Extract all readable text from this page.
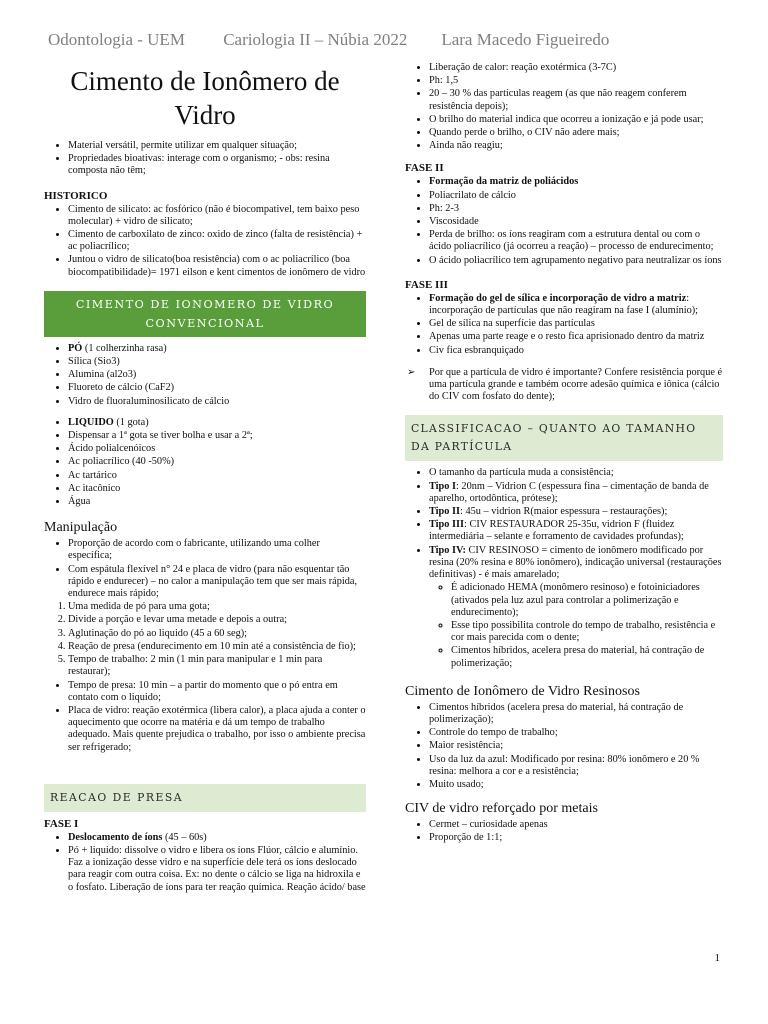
Odontologia - UEM Cariologia II – Núbia 2022 Lara Macedo Figueiredo
Cimento de Ionômero de
Vidro
• Material versátil, permite utilizar em qualquer situação;
• Propriedades bioativas: interage com o organismo; - obs: resina composta não têm;
HISTORICO
• Cimento de silicato: ac fosfórico (não é biocompativel, tem baixo peso molecular) + vidro de silicato;
• Cimento de carboxilato de zinco: oxido de zinco (falta de resistência) + ac poliacrílico;
• Juntou o vidro de silicato(boa resistência) com o ac poliacrílico (boa biocompatibilidade)= 1971 eilson e kent cimentos de ionômero de vidro
CIMENTO DE IONOMERO DE VIDRO CONVENCIONAL
• PÓ (1 colherzinha rasa)
• Sílica (Sio3)
• Alumina (al2o3)
• Fluoreto de cálcio (CaF2)
• Vidro de fluoraluminosilicato de cálcio
• LIQUIDO (1 gota)
• Dispensar a 1ª gota se tiver bolha e usar a 2ª;
• Ácido polialcenóicos
• Ac poliacrílico (40 -50%)
• Ac tartárico
• Ac itacônico
• Água
Manipulação
• Proporção de acordo com o fabricante, utilizando uma colher específica;
• Com espátula flexível n° 24 e placa de vidro (para não esquentar tão rápido e endurecer) – no calor a manipulação tem que ser mais rápida, endurece mais rápido;
1. Uma medida de pó para uma gota;
2. Divide a porção e levar uma metade e depois a outra;
3. Aglutinação do pó ao liquido (45 a 60 seg);
4. Reação de presa (endurecimento em 10 min até a consistência de fio);
5. Tempo de trabalho: 2 min (1 min para manipular e 1 min para restaurar);
• Tempo de presa: 10 min – a partir do momento que o pó entra em contato com o liquido;
• Placa de vidro: reação exotérmica (libera calor), a placa ajuda a conter o aquecimento que ocorre na matéria e dá um tempo de trabalho adequado. Mais quente prejudica o trabalho, por isso o ambiente precisa ser refrigerado;
REACAO DE PRESA
FASE I
• Deslocamento de íons (45 – 60s)
• Pó + liquido: dissolve o vidro e libera os íons Flúor, cálcio e alumínio. Faz a ionização desse vidro e na superfície dele terá os íons deslocado para reagir com outra coisa. Ex: no dente o cálcio se liga na hidroxila e o fosfato. Liberação de íons para ter reação química. Reação ácido/ base
• Liberação de calor: reação exotérmica (3-7C)
• Ph: 1,5
• 20 – 30 % das partículas reagem (as que não reagem conferem resistência depois);
• O brilho do material indica que ocorreu a ionização e já pode usar;
• Quando perde o brilho, o CIV não adere mais;
• Ainda não reagiu;
FASE II
• Formação da matriz de poliácidos
• Poliacrilato de cálcio
• Ph: 2-3
• Viscosidade
• Perda de brilho: os íons reagiram com a estrutura dental ou com o ácido poliacrílico (já ocorreu a reação) – processo de endurecimento;
• O ácido poliacrílico tem agrupamento negativo para neutralizar os íons
FASE III
• Formação do gel de sílica e incorporação de vidro a matriz: incorporação de partículas que não reagiram na fase I (alumínio);
• Gel de sílica na superfície das partículas
• Apenas uma parte reage e o resto fica aprisionado dentro da matriz
• Civ fica esbranquiçado
➢ Por que a partícula de vidro é importante? Confere resistência porque é uma partícula grande e também ocorre adesão química e iônica (cálcio do CIV com fosfato do dente);
CLASSIFICACAO – QUANTO AO TAMANHO DA PARTÍCULA
• O tamanho da partícula muda a consistência;
• Tipo I: 20nm – Vidrion C (espessura fina – cimentação de banda de aparelho, ortodôntica, prótese);
• Tipo II: 45u – vidrion R(maior espessura – restaurações);
• Tipo III: CIV RESTAURADOR 25-35u, vidrion F (fluidez intermediária – selante e forramento de cavidades profundas);
• Tipo IV: CIV RESINOSO = cimento de ionômero modificado por resina (20% resina e 80% ionômero), indicação universal (restaurações definitivas) - é mais amarelado;
◦ É adicionado HEMA (monômero resinoso) e fotoiniciadores (ativados pela luz azul para controlar a polimerização e endurecimento);
◦ Esse tipo possibilita controle do tempo de trabalho, resistência e cor mais parecida com o dente;
◦ Cimentos híbridos, acelera presa do material, há contração de polimerização;
Cimento de Ionômero de Vidro Resinosos
• Cimentos híbridos (acelera presa do material, há contração de polimerização);
• Controle do tempo de trabalho;
• Maior resistência;
• Uso da luz da azul: Modificado por resina: 80% ionômero e 20 % resina: melhora a cor e a resistência;
• Muito usado;
CIV de vidro reforçado por metais
• Cermet – curiosidade apenas
• Proporção de 1:1;
1
